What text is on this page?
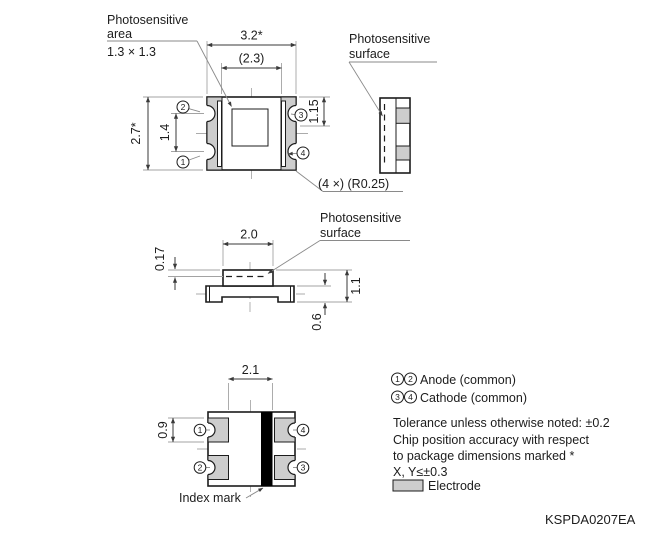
3.2*
(2.3)
2.7* 1.4
1.15
2
1
3
4
Photosensitive
area
1.3 × 1.3
(4 ×) (R0.25)
Photosensitive
surface
2.0
0.17
1.1
0.6
Photosensitive
surface
2.1
0.9	1
2
4
3
Index mark
1 2 Anode (common)
3 4 Cathode (common)
Tolerance unless otherwise noted: ±0.2
Chip position accuracy with respect
to package dimensions marked *
X, Y≤±0.3
Electrode
KSPDA0207EA
